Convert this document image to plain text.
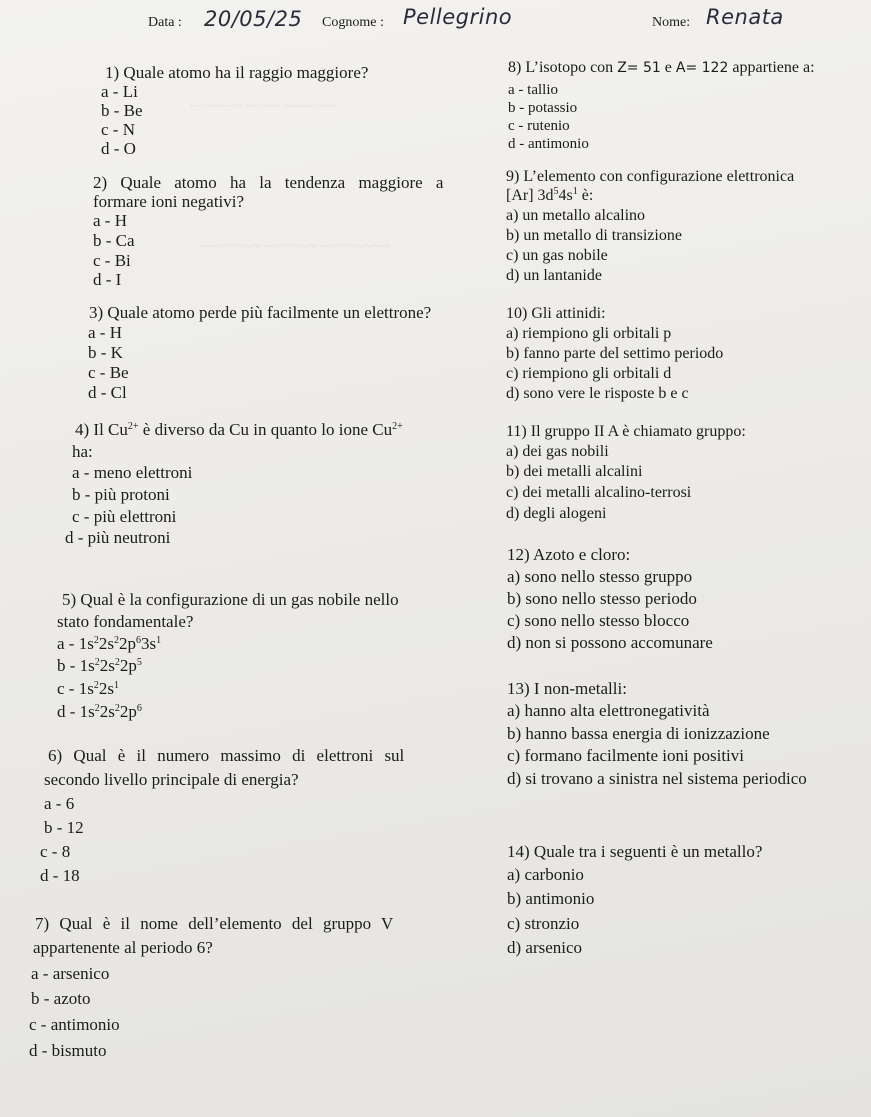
Data : 20/05/25 Cognome : Pellegrino	Nome: Renata
~~~~~~ ~~~~ ~~~~~~
~~~~~~~ ~~~~~~ ~~~~~~~~
1) Quale atomo ha il raggio maggiore?
a - Li
b - Be
c - N
d - O
2) Quale atomo ha la tendenza maggiore a
formare ioni negativi?
a - H
b - Ca
c - Bi
d - I
3) Quale atomo perde più facilmente un elettrone?
a - H
b - K
c - Be
d - Cl
4) Il $Cu^{2+}$ è diverso da Cu in quanto lo ione $Cu^{2+}$
ha:
a - meno elettroni
b - più protoni
c - più elettroni
d - più neutroni
5) Qual è la configurazione di un gas nobile nello
stato fondamentale?
a - $1s^22s^22p^63s^1$
b - $1s^22s^22p^5$
c - $1s^22s^1$
d - $1s^22s^22p^6$
6) Qual è il numero massimo di elettroni sul
secondo livello principale di energia?
a - 6
b - 12
c - 8
d - 18
7) Qual è il nome dell’elemento del gruppo V
appartenente al periodo 6?
a - arsenico
b - azoto
c - antimonio
d - bismuto
8) L’isotopo con Z= 51 e A= 122 appartiene a:
a - tallio
b - potassio
c - rutenio
d - antimonio
9) L’elemento con configurazione elettronica
[Ar] $3d^54s^1$ è:
a) un metallo alcalino
b) un metallo di transizione
c) un gas nobile
d) un lantanide
10) Gli attinidi:
a) riempiono gli orbitali p
b) fanno parte del settimo periodo
c) riempiono gli orbitali d
d) sono vere le risposte b e c
11) Il gruppo II A è chiamato gruppo:
a) dei gas nobili
b) dei metalli alcalini
c) dei metalli alcalino-terrosi
d) degli alogeni
12) Azoto e cloro:
a) sono nello stesso gruppo
b) sono nello stesso periodo
c) sono nello stesso blocco
d) non si possono accomunare
13) I non-metalli:
a) hanno alta elettronegatività
b) hanno bassa energia di ionizzazione
c) formano facilmente ioni positivi
d) si trovano a sinistra nel sistema periodico
14) Quale tra i seguenti è un metallo?
a) carbonio
b) antimonio
c) stronzio
d) arsenico
